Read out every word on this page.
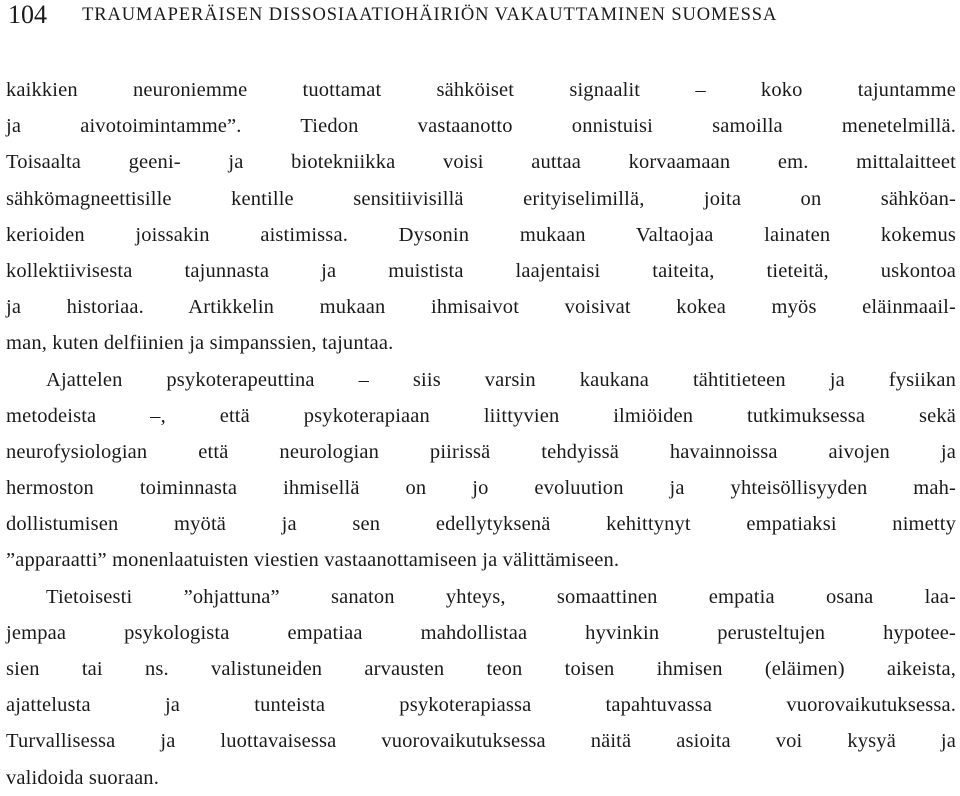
104 TRAUMAPERÄISEN DISSOSIAATIOHÄIRIÖN VAKAUTTAMINEN SUOMESSA
kaikkien neuroniemme tuottamat sähköiset signaalit – koko tajuntamme
ja aivotoimintamme”. Tiedon vastaanotto onnistuisi samoilla menetelmillä.
Toisaalta geeni- ja biotekniikka voisi auttaa korvaamaan em. mittalaitteet
sähkömagneettisille kentille sensitiivisillä erityiselimillä, joita on sähköan-
kerioiden joissakin aistimissa. Dysonin mukaan Valtaojaa lainaten kokemus
kollektiivisesta tajunnasta ja muistista laajentaisi taiteita, tieteitä, uskontoa
ja historiaa. Artikkelin mukaan ihmisaivot voisivat kokea myös eläinmaail-
man, kuten delfiinien ja simpanssien, tajuntaa.
Ajattelen psykoterapeuttina – siis varsin kaukana tähtitieteen ja fysiikan
metodeista –, että psykoterapiaan liittyvien ilmiöiden tutkimuksessa sekä
neurofysiologian että neurologian piirissä tehdyissä havainnoissa aivojen ja
hermoston toiminnasta ihmisellä on jo evoluution ja yhteisöllisyyden mah-
dollistumisen myötä ja sen edellytyksenä kehittynyt empatiaksi nimetty
”apparaatti” monenlaatuisten viestien vastaanottamiseen ja välittämiseen.
Tietoisesti ”ohjattuna” sanaton yhteys, somaattinen empatia osana laa-
jempaa psykologista empatiaa mahdollistaa hyvinkin perusteltujen hypotee-
sien tai ns. valistuneiden arvausten teon toisen ihmisen (eläimen) aikeista,
ajattelusta ja tunteista psykoterapiassa tapahtuvassa vuorovaikutuksessa.
Turvallisessa ja luottavaisessa vuorovaikutuksessa näitä asioita voi kysyä ja
validoida suoraan.
